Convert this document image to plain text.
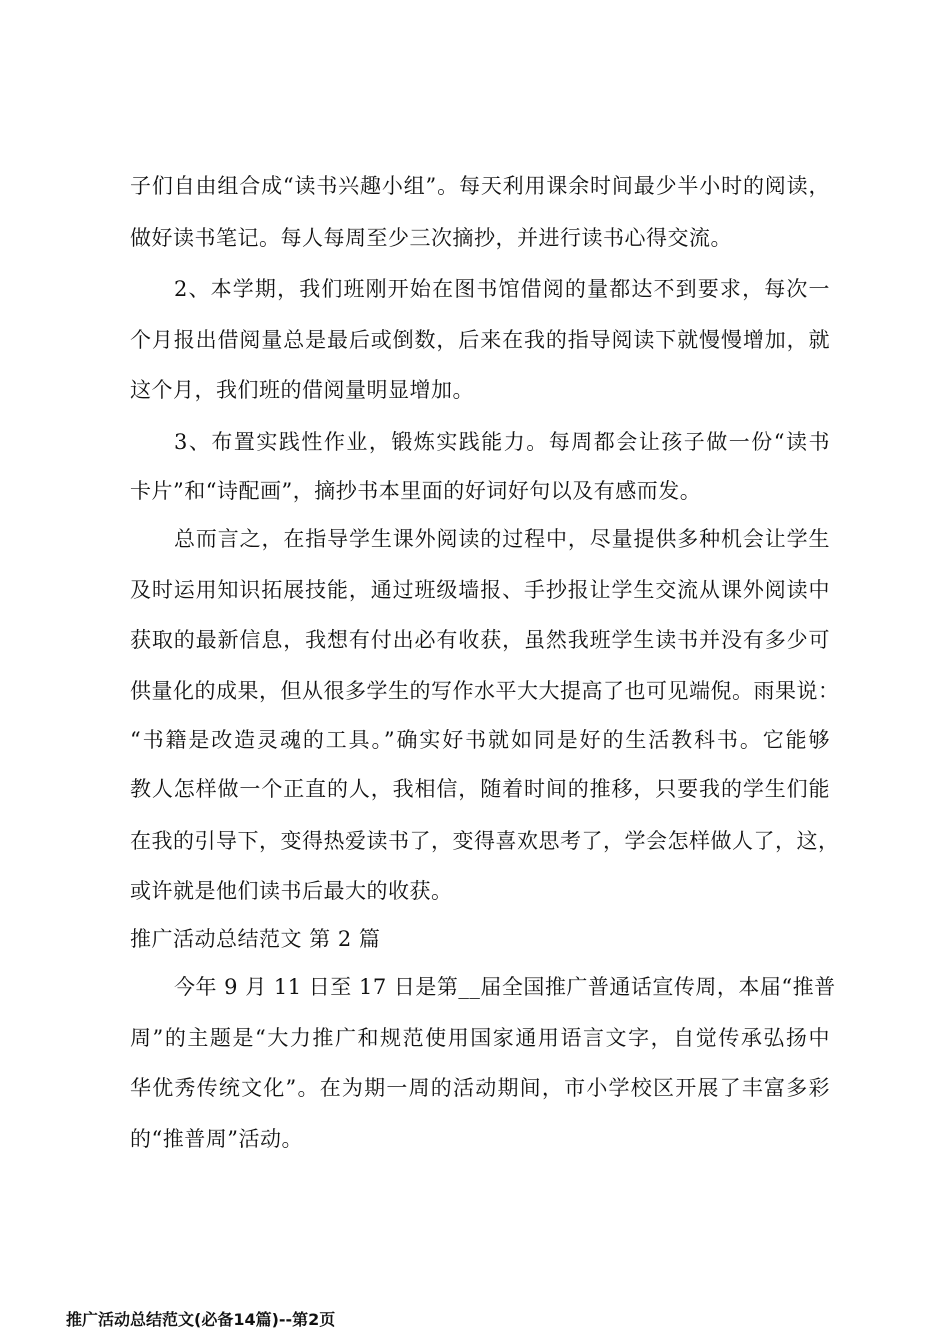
子们自由组合成“读书兴趣小组”。每天利用课余时间最少半小时的阅读，
做好读书笔记。每人每周至少三次摘抄，并进行读书心得交流。
2、本学期，我们班刚开始在图书馆借阅的量都达不到要求，每次一
个月报出借阅量总是最后或倒数，后来在我的指导阅读下就慢慢增加，就
这个月，我们班的借阅量明显增加。
3、布置实践性作业，锻炼实践能力。每周都会让孩子做一份“读书
卡片”和“诗配画”，摘抄书本里面的好词好句以及有感而发。
总而言之，在指导学生课外阅读的过程中，尽量提供多种机会让学生
及时运用知识拓展技能，通过班级墙报、手抄报让学生交流从课外阅读中
获取的最新信息，我想有付出必有收获，虽然我班学生读书并没有多少可
供量化的成果，但从很多学生的写作水平大大提高了也可见端倪。雨果说：
“书籍是改造灵魂的工具。”确实好书就如同是好的生活教科书。它能够
教人怎样做一个正直的人，我相信，随着时间的推移，只要我的学生们能
在我的引导下，变得热爱读书了，变得喜欢思考了，学会怎样做人了，这，
或许就是他们读书后最大的收获。
推广活动总结范文 第 2 篇
今年 9 月 11 日至 17 日是第__届全国推广普通话宣传周，本届“推普
周”的主题是“大力推广和规范使用国家通用语言文字，自觉传承弘扬中
华优秀传统文化”。在为期一周的活动期间，市小学校区开展了丰富多彩
的“推普周”活动。
推广活动总结范文(必备14篇)--第2页
